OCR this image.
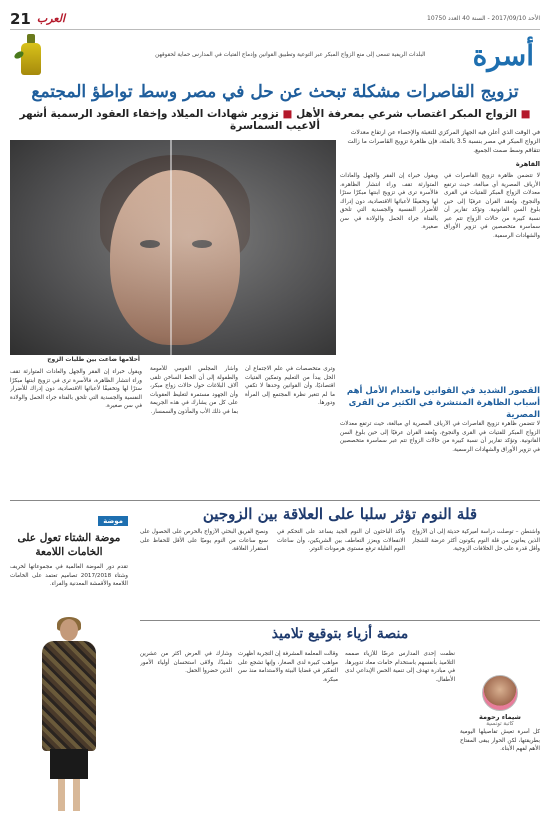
الأحد 2017/09/10 - السنة 40 العدد 10750
العرب
21
أسرة
البلدات الريفية تسعى إلى منع الزواج المبكر عبر التوعية وتطبيق القوانين وإدماج الفتيات في المدارس حماية لحقوقهن
تزويج القاصرات مشكلة تبحث عن حل في مصر وسط تواطؤ المجتمع
■ الزواج المبكر اغتصاب شرعي بمعرفة الأهل ■ تزوير شهادات الميلاد وإخفاء العقود الرسمية أشهر ألاعيب السماسرة
في الوقت الذي أعلن فيه الجهاز المركزي للتعبئة والإحصاء عن ارتفاع معدلات الزواج المبكر في مصر بنسبة 3.5 بالمئة، فإن ظاهرة تزويج القاصرات ما زالت تتفاقم وسط صمت الجميع.
القاهرة
أحلامها ضاعت بين طلبات الزوج
لا تتضمن ظاهرة تزويج القاصرات في الأرياف المصرية أي مبالغة، حيث ترتفع معدلات الزواج المبكر للفتيات في القرى والنجوع، ويُعقد القران عرفيًا إلى حين بلوغ السن القانونية. وتؤكد تقارير أن نسبة كبيرة من حالات الزواج تتم عبر سماسرة متخصصين في تزوير الأوراق والشهادات الرسمية.
ويقول خبراء إن الفقر والجهل والعادات المتوارثة تقف وراء انتشار الظاهرة، فالأسرة ترى في تزويج ابنتها مبكرًا سترًا لها وتخفيفًا لأعبائها الاقتصادية، دون إدراك للأضرار النفسية والجسدية التي تلحق بالفتاة جراء الحمل والولادة في سن صغيرة.
القصور الشديد في القوانين وانعدام الأمل أهم أسباب الظاهرة المنتشرة في الكثير من القرى المصرية
وأشار المجلس القومي للأمومة والطفولة إلى أن الخط الساخن تلقى آلاف البلاغات حول حالات زواج مبكر، وأن الجهود مستمرة لتغليظ العقوبات على كل من يشارك في هذه الجريمة بما في ذلك الأب والمأذون والسمسار.
وترى متخصصات في علم الاجتماع أن الحل يبدأ من التعليم وتمكين الفتيات اقتصاديًا، وأن القوانين وحدها لا تكفي ما لم تتغير نظرة المجتمع إلى المرأة ودورها.
لا تتضمن ظاهرة تزويج القاصرات في الأرياف المصرية أي مبالغة، حيث ترتفع معدلات الزواج المبكر للفتيات في القرى والنجوع، ويُعقد القران عرفيًا إلى حين بلوغ السن القانونية. وتؤكد تقارير أن نسبة كبيرة من حالات الزواج تتم عبر سماسرة متخصصين في تزوير الأوراق والشهادات الرسمية.
ويقول خبراء إن الفقر والجهل والعادات المتوارثة تقف وراء انتشار الظاهرة، فالأسرة ترى في تزويج ابنتها مبكرًا سترًا لها وتخفيفًا لأعبائها الاقتصادية، دون إدراك للأضرار النفسية والجسدية التي تلحق بالفتاة جراء الحمل والولادة في سن صغيرة.
قلة النوم تؤثر سلبا على العلاقة بين الزوجين
واشنطن – توصلت دراسة أميركية حديثة إلى أن الأزواج الذين يعانون من قلة النوم يكونون أكثر عرضة للشجار وأقل قدرة على حل الخلافات الزوجية.
وأكد الباحثون أن النوم الجيد يساعد على التحكم في الانفعالات ويعزز التعاطف بين الشريكين، وأن ساعات النوم القليلة ترفع مستوى هرمونات التوتر.
ونصح الفريق البحثي الأزواج بالحرص على الحصول على سبع ساعات من النوم يوميًا على الأقل للحفاظ على استقرار العلاقة.
موضة
موضة الشتاء تعول على الخامات اللامعة
تقدم دور الموضة العالمية في مجموعاتها لخريف وشتاء 2017/2018 تصاميم تعتمد على الخامات اللامعة والأقمشة المعدنية والفراء.
منصة أزياء بتوقيع تلاميذ
نظمت إحدى المدارس عرضًا للأزياء صممه التلاميذ بأنفسهم باستخدام خامات معاد تدويرها، في مبادرة تهدف إلى تنمية الحس الإبداعي لدى الأطفال.
وقالت المعلمة المشرفة إن التجربة أظهرت مواهب كبيرة لدى الصغار، وإنها تشجع على التفكير في قضايا البيئة والاستدامة منذ سن مبكرة.
وشارك في العرض أكثر من عشرين تلميذًا، ولاقى استحسان أولياء الأمور الذين حضروا الحفل.
شيماء رحومة
كاتبة تونسية
كل أسرة تعيش تفاصيلها اليومية بطريقتها، لكن الحوار يبقى المفتاح الأهم لفهم الأبناء.
